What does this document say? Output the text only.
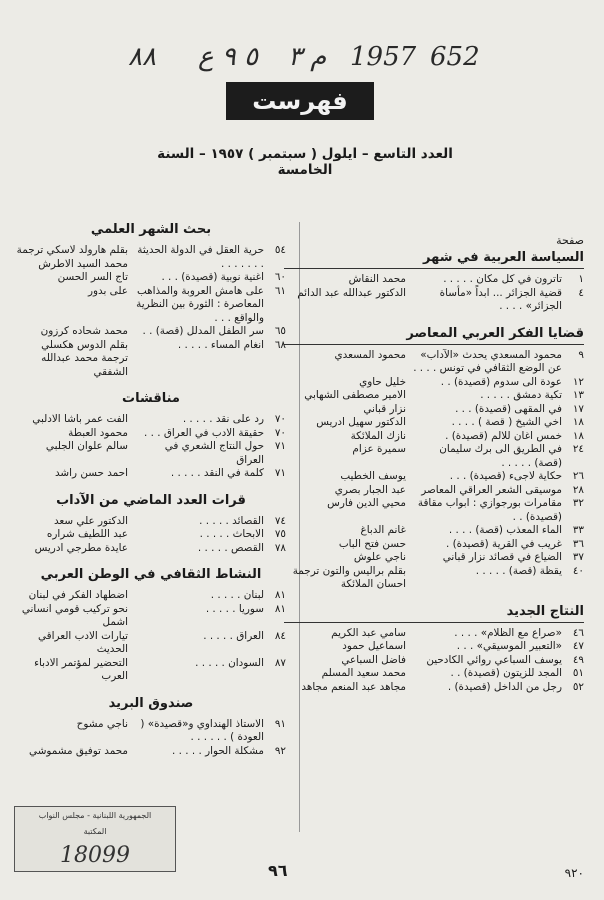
٨٨ ٥ ٩ ع م ٣ 1957 652
فهرست
العدد التاسع – ايلول ( سبتمبر ) ١٩٥٧ – السنة الخامسة
صفحة
السياسة العربية في شهر
١
تاترون في كل مكان . . . . .
محمد النقاش
٤
قضية الجزائر ... ابداً «مأساة الجزائر» . . . .
الدكتور عبدالله عبد الدائم
قضايا الفكر العربي المعاصر
٩
محمود المسعدي يحدث «الآداب» عن الوضع الثقافي في تونس . . . .
محمود المسعدي
١٢
عودة الى سدوم (قصيدة) . .
خليل حاوي
١٣
تكية دمشق . . . . .
الامير مصطفى الشهابي
١٧
في المقهى (قصيدة) . . .
نزار قباني
١٨
اخي الشيخ ( قصة ) . . . .
الدكتور سهيل ادريس
١٨
خمس اغان للالم (قصيدة) .
نازك الملائكة
٢٤
في الطريق الى برك سليمان (قصة) . . . . .
سميرة عزام
٢٦
حكاية لاجىء (قصيدة) . . .
يوسف الخطيب
٢٨
موسيقى الشعر العراقي المعاصر
عبد الجبار بصري
٣٢
مقامرات بورجوازي : ابواب مقاقة (قصيدة) . .
محيي الدين فارس
٣٣
الماء المعذب (قصة) . . . .
غانم الدباغ
٣٦
غريب في القرية (قصيدة) .
حسن فتح الباب
٣٧
الضياع في قصائد نزار قباني
ناجي علوش
٤٠
يقظة (قصة) . . . . .
بقلم براليس والتون ترجمة احسان الملائكة
النتاج الجديد
٤٦
«صراع مع الظلام» . . . .
سامي عبد الكريم
٤٧
«التعبير الموسيقي» . . .
اسماعيل حمود
٤٩
يوسف السباعي روائي الكادحين
فاضل السباعي
٥١
المجد للزيتون (قصيدة) . .
محمد سعيد المسلم
٥٢
رجل من الداخل (قصيدة) .
مجاهد عبد المنعم مجاهد
بحث الشهر العلمي
٥٤
حرية العقل في الدولة الحديثة . . . . . . .
بقلم هارولد لاسكي ترجمة محمد السيد الاطرش
٦٠
اغنية نوبية (قصيدة) . . .
تاج السر الحسن
٦١
على هامش العروبة والمذاهب المعاصرة : الثورة بين النظرية والواقع . . .
على بدور
٦٥
سر الطفل المدلل (قصة) . .
محمد شحاده كرزون
٦٨
انغام المساء . . . . .
بقلم الدوس هكسلي ترجمة محمد عبدالله الشفقي
مناقشات
٧٠
رد على نقد . . . . .
الفت عمر باشا الادلبي
٧٠
حقيقة الادب في العراق . . .
محمود العبطة
٧١
حول النتاج الشعري في العراق
سالم علوان الجلبي
٧١
كلمة في النقد . . . . .
احمد حسن راشد
قرات العدد الماضي من الآداب
٧٤
القصائد . . . . .
الدكتور علي سعد
٧٥
الابحاث . . . . .
عبد اللطيف شراره
٧٨
القصص . . . . .
عايدة مطرجي ادريس
النشاط الثقافي في الوطن العربي
٨١
لبنان . . . . .
اضطهاد الفكر في لبنان
٨١
سوريا . . . . .
نحو تركيب قومي انساني اشمل
٨٤
العراق . . . . .
تيارات الادب العراقي الحديث
٨٧
السودان . . . . .
التحضير لمؤتمر الادباء العرب
صندوق البريد
٩١
الاستاذ الهنداوي و«قصيدة» ( العودة ) . . . . . .
ناجي مشوح
٩٢
مشكلة الحوار . . . . .
محمد توفيق مشموشي
٩٦	٩٢٠
الجمهورية اللبنانية - مجلس النواب
المكتبة
18099
